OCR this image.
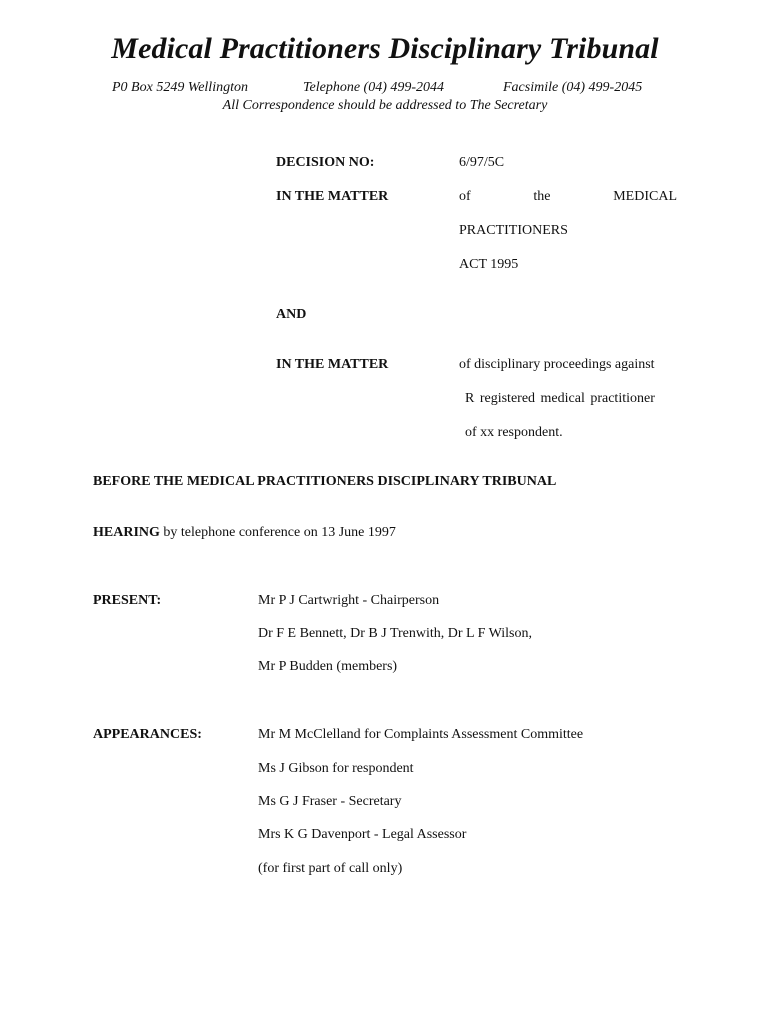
Medical Practitioners Disciplinary Tribunal
P0 Box 5249 Wellington	Telephone (04) 499-2044	Facsimile (04) 499-2045
All Correspondence should be addressed to The Secretary
DECISION NO:	6/97/5C
IN THE MATTER	of	the	MEDICAL
PRACTITIONERS
ACT 1995
AND
IN THE MATTER	of disciplinary proceedings against
R registered medical practitioner
of xx respondent.
BEFORE THE MEDICAL PRACTITIONERS DISCIPLINARY TRIBUNAL
HEARING by telephone conference on 13 June 1997
PRESENT:	Mr P J Cartwright - Chairperson
Dr F E Bennett, Dr B J Trenwith, Dr L F Wilson,
Mr P Budden (members)
APPEARANCES:	Mr M McClelland for Complaints Assessment Committee
Ms J Gibson for respondent
Ms G J Fraser - Secretary
Mrs K G Davenport - Legal Assessor
(for first part of call only)
